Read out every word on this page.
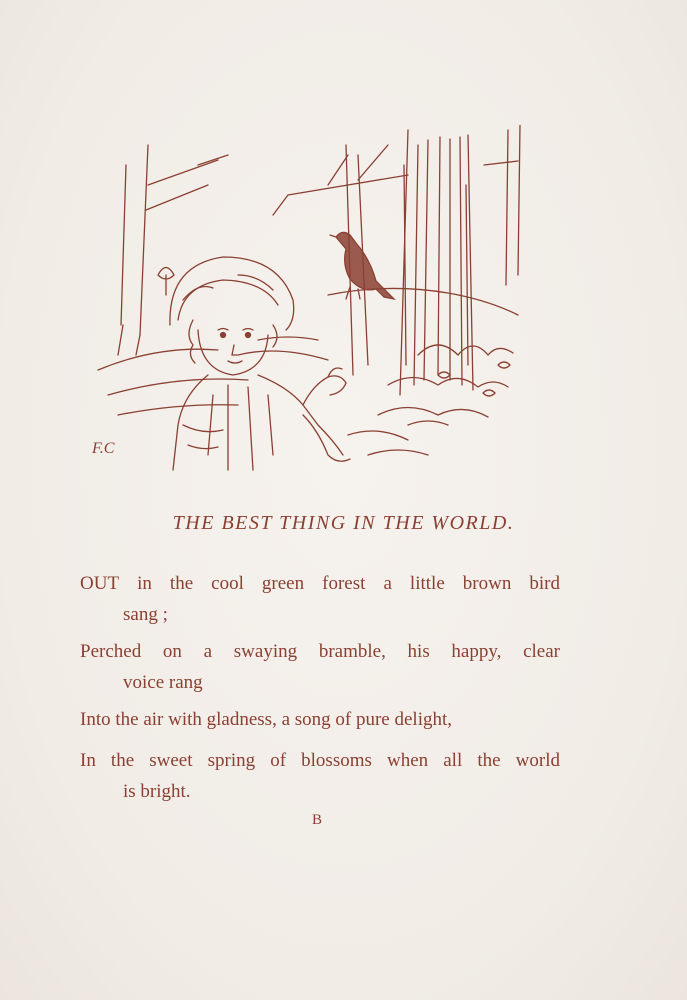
F.C
THE BEST THING IN THE WORLD.

OUT in the cool green forest a little brown bird

sang ;

Perched on a swaying bramble, his happy, clear

voice rang

Into the air with gladness, a song of pure delight,

In the sweet spring of blossoms when all the world

is bright.

B
